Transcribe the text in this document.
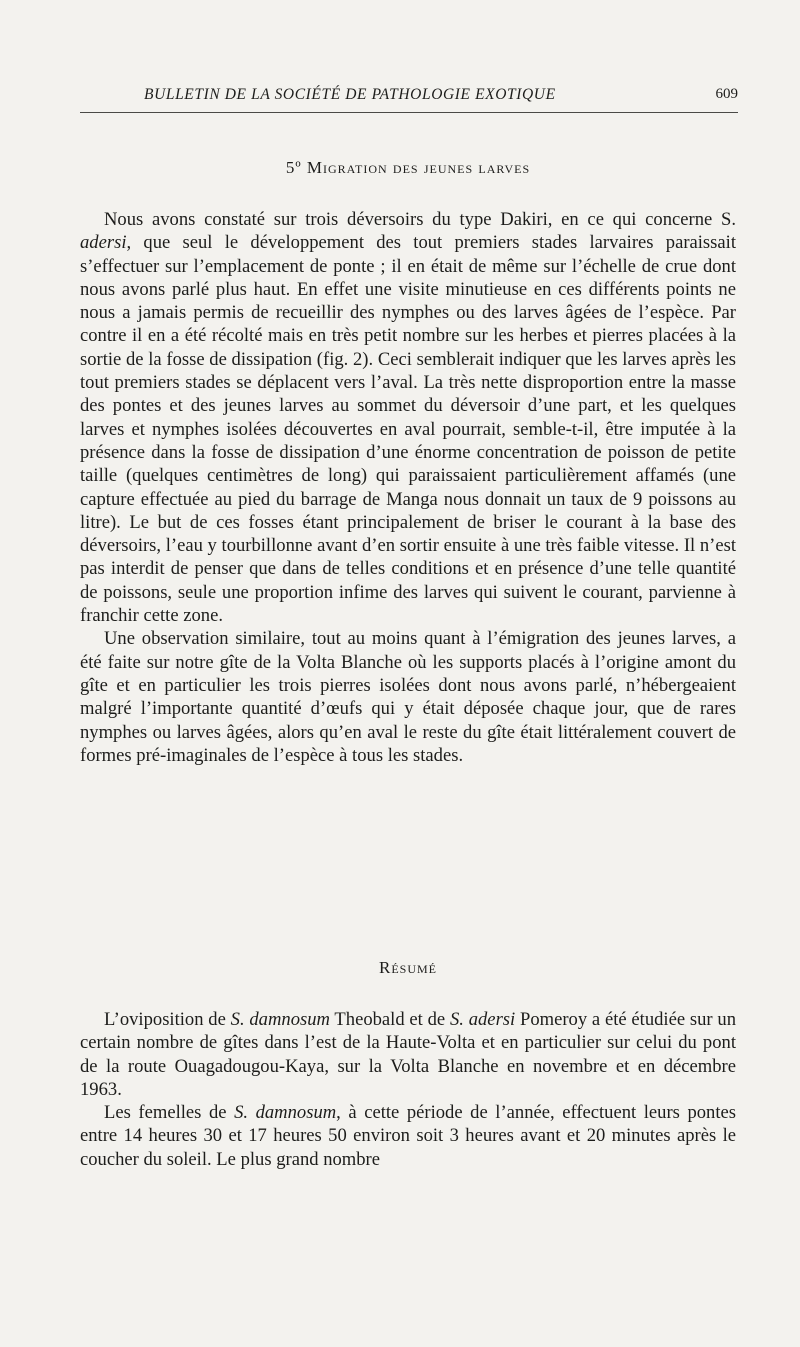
BULLETIN DE LA SOCIÉTÉ DE PATHOLOGIE EXOTIQUE	609
5º Migration des jeunes larves

Nous avons constaté sur trois déversoirs du type Dakiri, en ce qui concerne S. adersi, que seul le développement des tout premiers stades larvaires paraissait s’effectuer sur l’emplacement de ponte ; il en était de même sur l’échelle de crue dont nous avons parlé plus haut. En effet une visite minutieuse en ces différents points ne nous a jamais permis de recueillir des nymphes ou des larves âgées de l’espèce. Par contre il en a été récolté mais en très petit nombre sur les herbes et pierres placées à la sortie de la fosse de dissipation (fig. 2). Ceci semblerait indiquer que les larves après les tout premiers stades se déplacent vers l’aval. La très nette disproportion entre la masse des pontes et des jeunes larves au sommet du déversoir d’une part, et les quelques larves et nymphes isolées découvertes en aval pourrait, semble-t-il, être imputée à la présence dans la fosse de dissipation d’une énorme concentration de poisson de petite taille (quelques centimètres de long) qui paraissaient particulièrement affamés (une capture effectuée au pied du barrage de Manga nous donnait un taux de 9 poissons au litre). Le but de ces fosses étant principalement de briser le courant à la base des déversoirs, l’eau y tourbillonne avant d’en sortir ensuite à une très faible vitesse. Il n’est pas interdit de penser que dans de telles conditions et en présence d’une telle quantité de poissons, seule une proportion infime des larves qui suivent le courant, parvienne à franchir cette zone.

Une observation similaire, tout au moins quant à l’émigration des jeunes larves, a été faite sur notre gîte de la Volta Blanche où les supports placés à l’origine amont du gîte et en particulier les trois pierres isolées dont nous avons parlé, n’hébergeaient malgré l’importante quantité d’œufs qui y était déposée chaque jour, que de rares nymphes ou larves âgées, alors qu’en aval le reste du gîte était littéralement couvert de formes pré-imaginales de l’espèce à tous les stades.

Résumé

L’oviposition de S. damnosum Theobald et de S. adersi Pomeroy a été étudiée sur un certain nombre de gîtes dans l’est de la Haute-Volta et en particulier sur celui du pont de la route Ouagadougou-Kaya, sur la Volta Blanche en novembre et en décembre 1963.

Les femelles de S. damnosum, à cette période de l’année, effectuent leurs pontes entre 14 heures 30 et 17 heures 50 environ soit 3 heures avant et 20 minutes après le coucher du soleil. Le plus grand nombre
